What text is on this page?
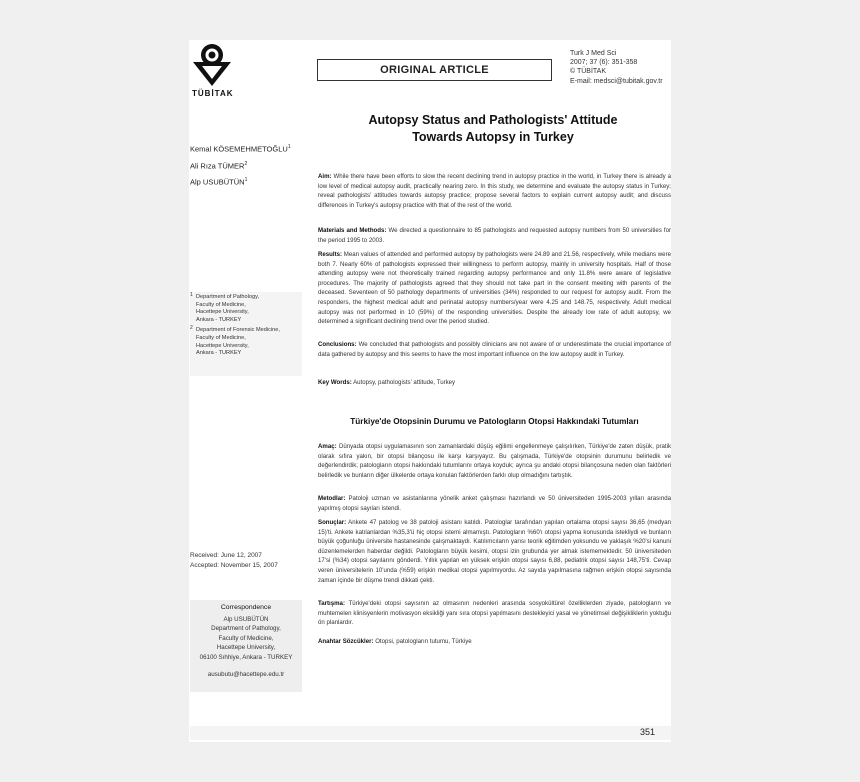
TÜBİTAK
ORIGINAL ARTICLE
Turk J Med Sci
2007; 37 (6): 351-358
© TÜBİTAK
E-mail: medsci@tubitak.gov.tr
Autopsy Status and Pathologists' Attitude
Towards Autopsy in Turkey
Kemal KÖSEMEHMETOĞLU$^1$
Ali Rıza TÜMER$^2$
Alp USUBÜTÜN$^1$
1 Department of Pathology,
Faculty of Medicine,
Hacettepe University,
Ankara - TURKEY
2 Department of Forensic Medicine,
Faculty of Medicine,
Hacettepe University,
Ankara - TURKEY
Aim: While there have been efforts to slow the recent declining trend in autopsy practice in the world, in Turkey there is already a low level of medical autopsy audit, practically nearing zero. In this study, we determine and evaluate the autopsy status in Turkey; reveal pathologists' attitudes towards autopsy practice; propose several factors to explain current autopsy audit; and discuss differences in Turkey's autopsy practice with that of the rest of the world.
Materials and Methods: We directed a questionnaire to 85 pathologists and requested autopsy numbers from 50 universities for the period 1995 to 2003.
Results: Mean values of attended and performed autopsy by pathologists were 24.89 and 21.56, respectively, while medians were both 7. Nearly 60% of pathologists expressed their willingness to perform autopsy, mainly in university hospitals. Half of those attending autopsy were not theoretically trained regarding autopsy performance and only 11.8% were aware of legislative procedures. The majority of pathologists agreed that they should not take part in the consent meeting with parents of the deceased. Seventeen of 50 pathology departments of universities (34%) responded to our request for autopsy audit. From the responders, the highest medical adult and perinatal autopsy numbers/year were 4.25 and 148.75, respectively. Adult medical autopsy was not performed in 10 (59%) of the responding universities. Despite the already low rate of adult autopsy, we determined a significant declining trend over the period studied.
Conclusions: We concluded that pathologists and possibly clinicians are not aware of or underestimate the crucial importance of data gathered by autopsy and this seems to have the most important influence on the low autopsy audit in Turkey.
Key Words: Autopsy, pathologists' attitude, Turkey
Türkiye'de Otopsinin Durumu ve Patologların Otopsi Hakkındaki Tutumları
Amaç: Dünyada otopsi uygulamasının son zamanlardaki düşüş eğilimi engellenmeye çalışılırken, Türkiye'de zaten düşük, pratik olarak sıfıra yakın, bir otopsi bilançosu ile karşı karşıyayız. Bu çalışmada, Türkiye'de otopsinin durumunu belirledik ve değerlendirdik; patologların otopsi hakkındaki tutumlarını ortaya koyduk; ayrıca şu andaki otopsi bilançosuna neden olan faktörleri belirledik ve bunların diğer ülkelerde ortaya konulan faktörlerden farklı olup olmadığını tartıştık.
Metodlar: Patoloji uzman ve asistanlarına yönelik anket çalışması hazırlandı ve 50 üniversiteden 1995-2003 yılları arasında yapılmış otopsi sayıları istendi.
Sonuçlar: Ankete 47 patolog ve 38 patoloji asistanı katıldı. Patologlar tarafından yapılan ortalama otopsi sayısı 36,65 (medyan 15)'ti. Ankete katılanlardan %35,3'ü hiç otopsi istemi almamıştı. Patologların %60'ı otopsi yapma konusunda istekliydi ve bunların büyük çoğunluğu üniversite hastanesinde çalışmaktaydı. Katılımcıların yarısı teorik eğitimden yoksundu ve yaklaşık %20'si kanuni düzenlemelerden haberdar değildi. Patologların büyük kesimi, otopsi izin grubunda yer almak istememektedir. 50 üniversiteden 17'si (%34) otopsi sayılarını gönderdi. Yıllık yapılan en yüksek erişkin otopsi sayısı 6,88, pediatrik otopsi sayısı 148,75'ti. Cevap veren üniversitelerin 10'unda (%59) erişkin medikal otopsi yapılmıyordu. Az sayıda yapılmasına rağmen erişkin otopsi sayısında zaman içinde bir düşme trendi dikkati çekti.
Tartışma: Türkiye'deki otopsi sayısının az olmasının nedenleri arasında sosyokültürel özelliklerden ziyade, patologların ve muhtemelen klinisyenlerin motivasyon eksikliği yanı sıra otopsi yapılmasını destekleyici yasal ve yönetimsel değişikliklerin yoktuğu ön planlardır.
Anahtar Sözcükler: Otopsi, patologların tutumu, Türkiye
Received: June 12, 2007
Accepted: November 15, 2007
Correspondence
Alp USUBÜTÜN
Department of Pathology,
Faculty of Medicine,
Hacettepe University,
06100 Sıhhiye, Ankara - TURKEY
ausubutu@hacettepe.edu.tr
351
